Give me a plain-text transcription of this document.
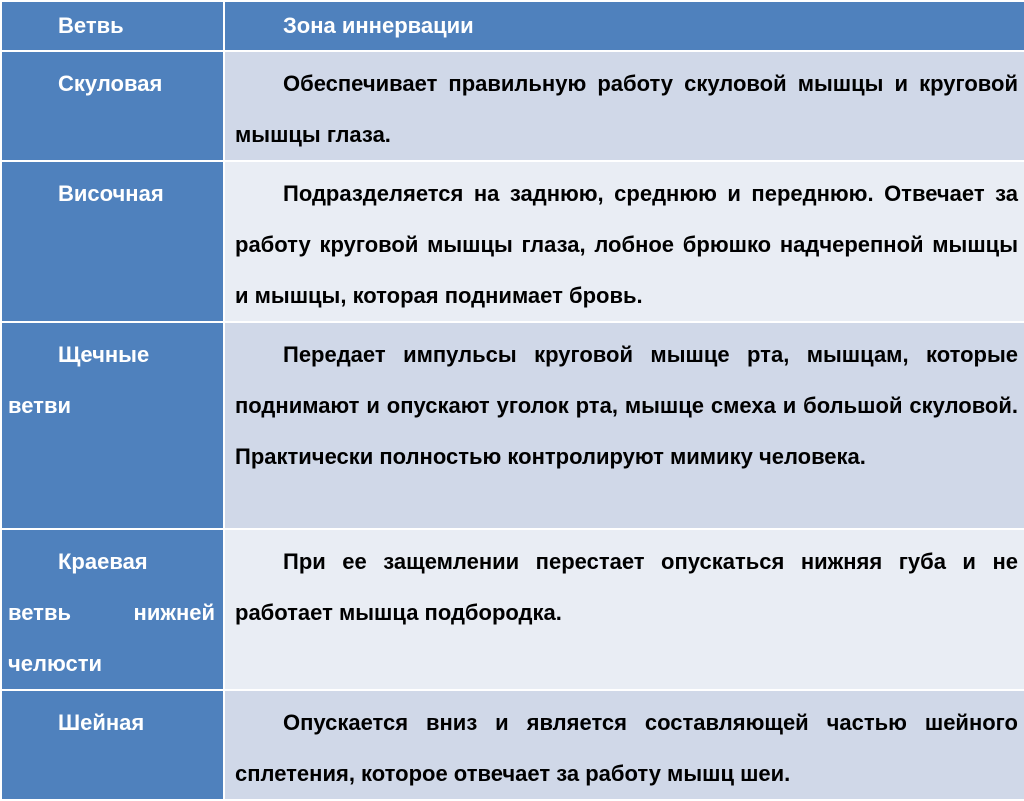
Ветвь	Зона иннервации
Скуловая	Обеспечивает правильную работу скуловой мышцы и круговой мышцы глаза.
Височная	Подразделяется на заднюю, среднюю и переднюю. Отвечает за работу круговой мышцы глаза, лобное брюшко надчерепной мышцы и мышцы, которая поднимает бровь.
Щечные ветви	Передает импульсы круговой мышце рта, мышцам, которые поднимают и опускают уголок рта, мышце смеха и большой скуловой. Практически полностью контролируют мимику человека.
Краевая ветвь нижней челюсти	При ее защемлении перестает опускаться нижняя губа и не работает мышца подбородка.
Шейная	Опускается вниз и является составляющей частью шейного сплетения, которое отвечает за работу мышц шеи.
